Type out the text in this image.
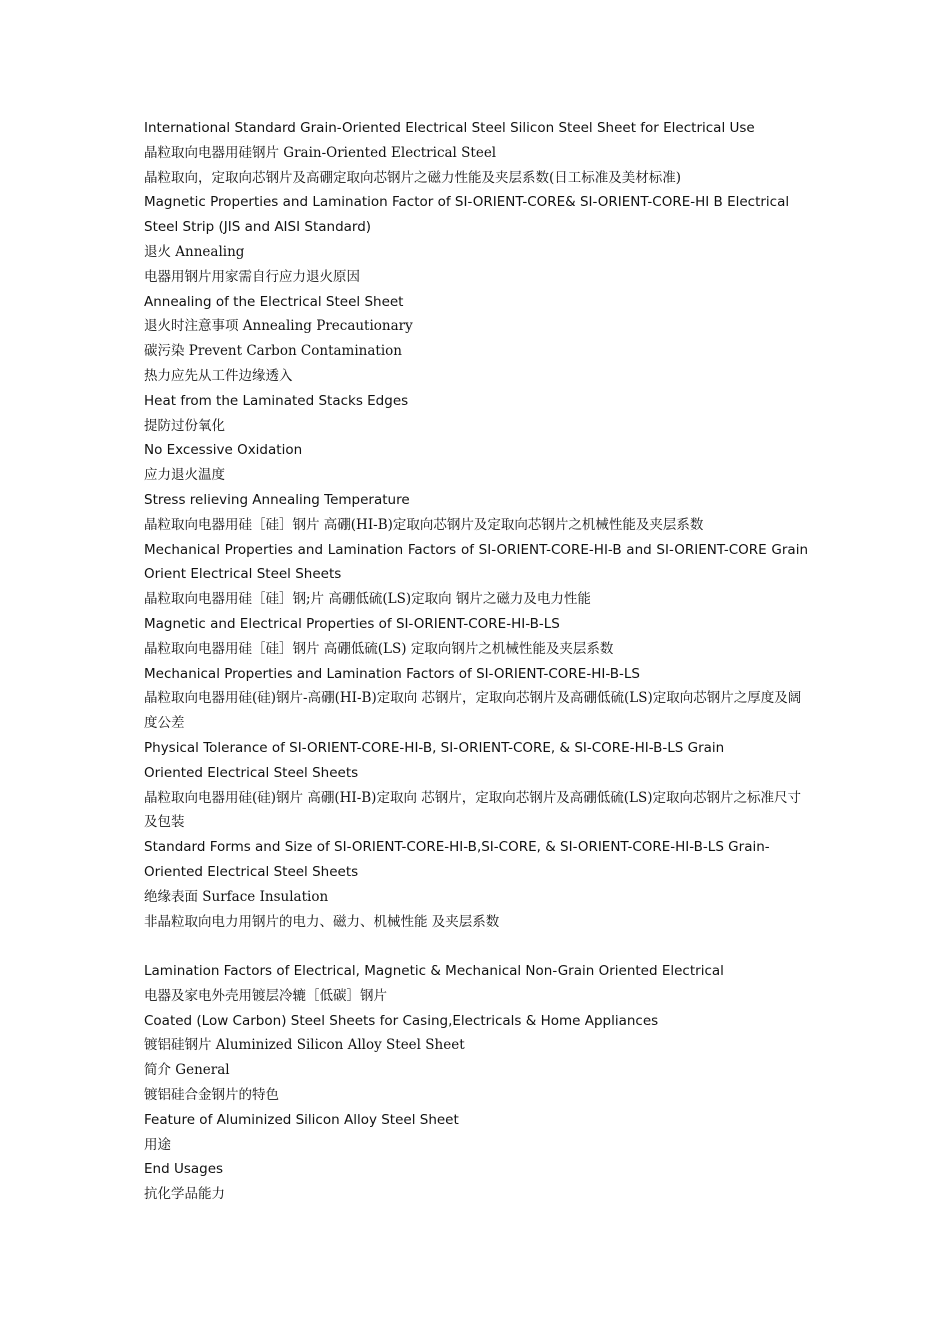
International Standard Grain-Oriented Electrical Steel Silicon Steel Sheet for Electrical Use
晶粒取向电器用硅钢片 Grain-Oriented Electrical Steel
晶粒取向，定取向芯钢片及高硼定取向芯钢片之磁力性能及夹层系数(日工标准及美材标准)
Magnetic Properties and Lamination Factor of SI-ORIENT-CORE& SI-ORIENT-CORE-HI B Electrical Steel Strip (JIS and AISI Standard)
退火 Annealing
电器用钢片用家需自行应力退火原因
Annealing of the Electrical Steel Sheet
退火时注意事项 Annealing Precautionary
碳污染 Prevent Carbon Contamination
热力应先从工件边缘透入
Heat from the Laminated Stacks Edges
提防过份氧化
No Excessive Oxidation
应力退火温度
Stress relieving Annealing Temperature
晶粒取向电器用硅［硅］钢片 高硼(HI-B)定取向芯钢片及定取向芯钢片之机械性能及夹层系数
Mechanical Properties and Lamination Factors of SI-ORIENT-CORE-HI-B and SI-ORIENT-CORE Grain Orient Electrical Steel Sheets
晶粒取向电器用硅［硅］钢;片 高硼低硫(LS)定取向 钢片之磁力及电力性能
Magnetic and Electrical Properties of SI-ORIENT-CORE-HI-B-LS
晶粒取向电器用硅［硅］钢片 高硼低硫(LS) 定取向钢片之机械性能及夹层系数
Mechanical Properties and Lamination Factors of SI-ORIENT-CORE-HI-B-LS
晶粒取向电器用硅(硅)钢片-高硼(HI-B)定取向 芯钢片，定取向芯钢片及高硼低硫(LS)定取向芯钢片之厚度及阔度公差
Physical Tolerance of SI-ORIENT-CORE-HI-B, SI-ORIENT-CORE, & SI-CORE-HI-B-LS Grain
Oriented Electrical Steel Sheets
晶粒取向电器用硅(硅)钢片 高硼(HI-B)定取向 芯钢片，定取向芯钢片及高硼低硫(LS)定取向芯钢片之标准尺寸及包装
Standard Forms and Size of SI-ORIENT-CORE-HI-B,SI-CORE, & SI-ORIENT-CORE-HI-B-LS Grain-
Oriented Electrical Steel Sheets
绝缘表面 Surface Insulation
非晶粒取向电力用钢片的电力、磁力、机械性能 及夹层系数
Lamination Factors of Electrical, Magnetic & Mechanical Non-Grain Oriented Electrical
电器及家电外壳用镀层冷辘［低碳］钢片
Coated (Low Carbon) Steel Sheets for Casing,Electricals & Home Appliances
镀铝硅钢片 Aluminized Silicon Alloy Steel Sheet
简介 General
镀铝硅合金钢片的特色
Feature of Aluminized Silicon Alloy Steel Sheet
用途
End Usages
抗化学品能力
